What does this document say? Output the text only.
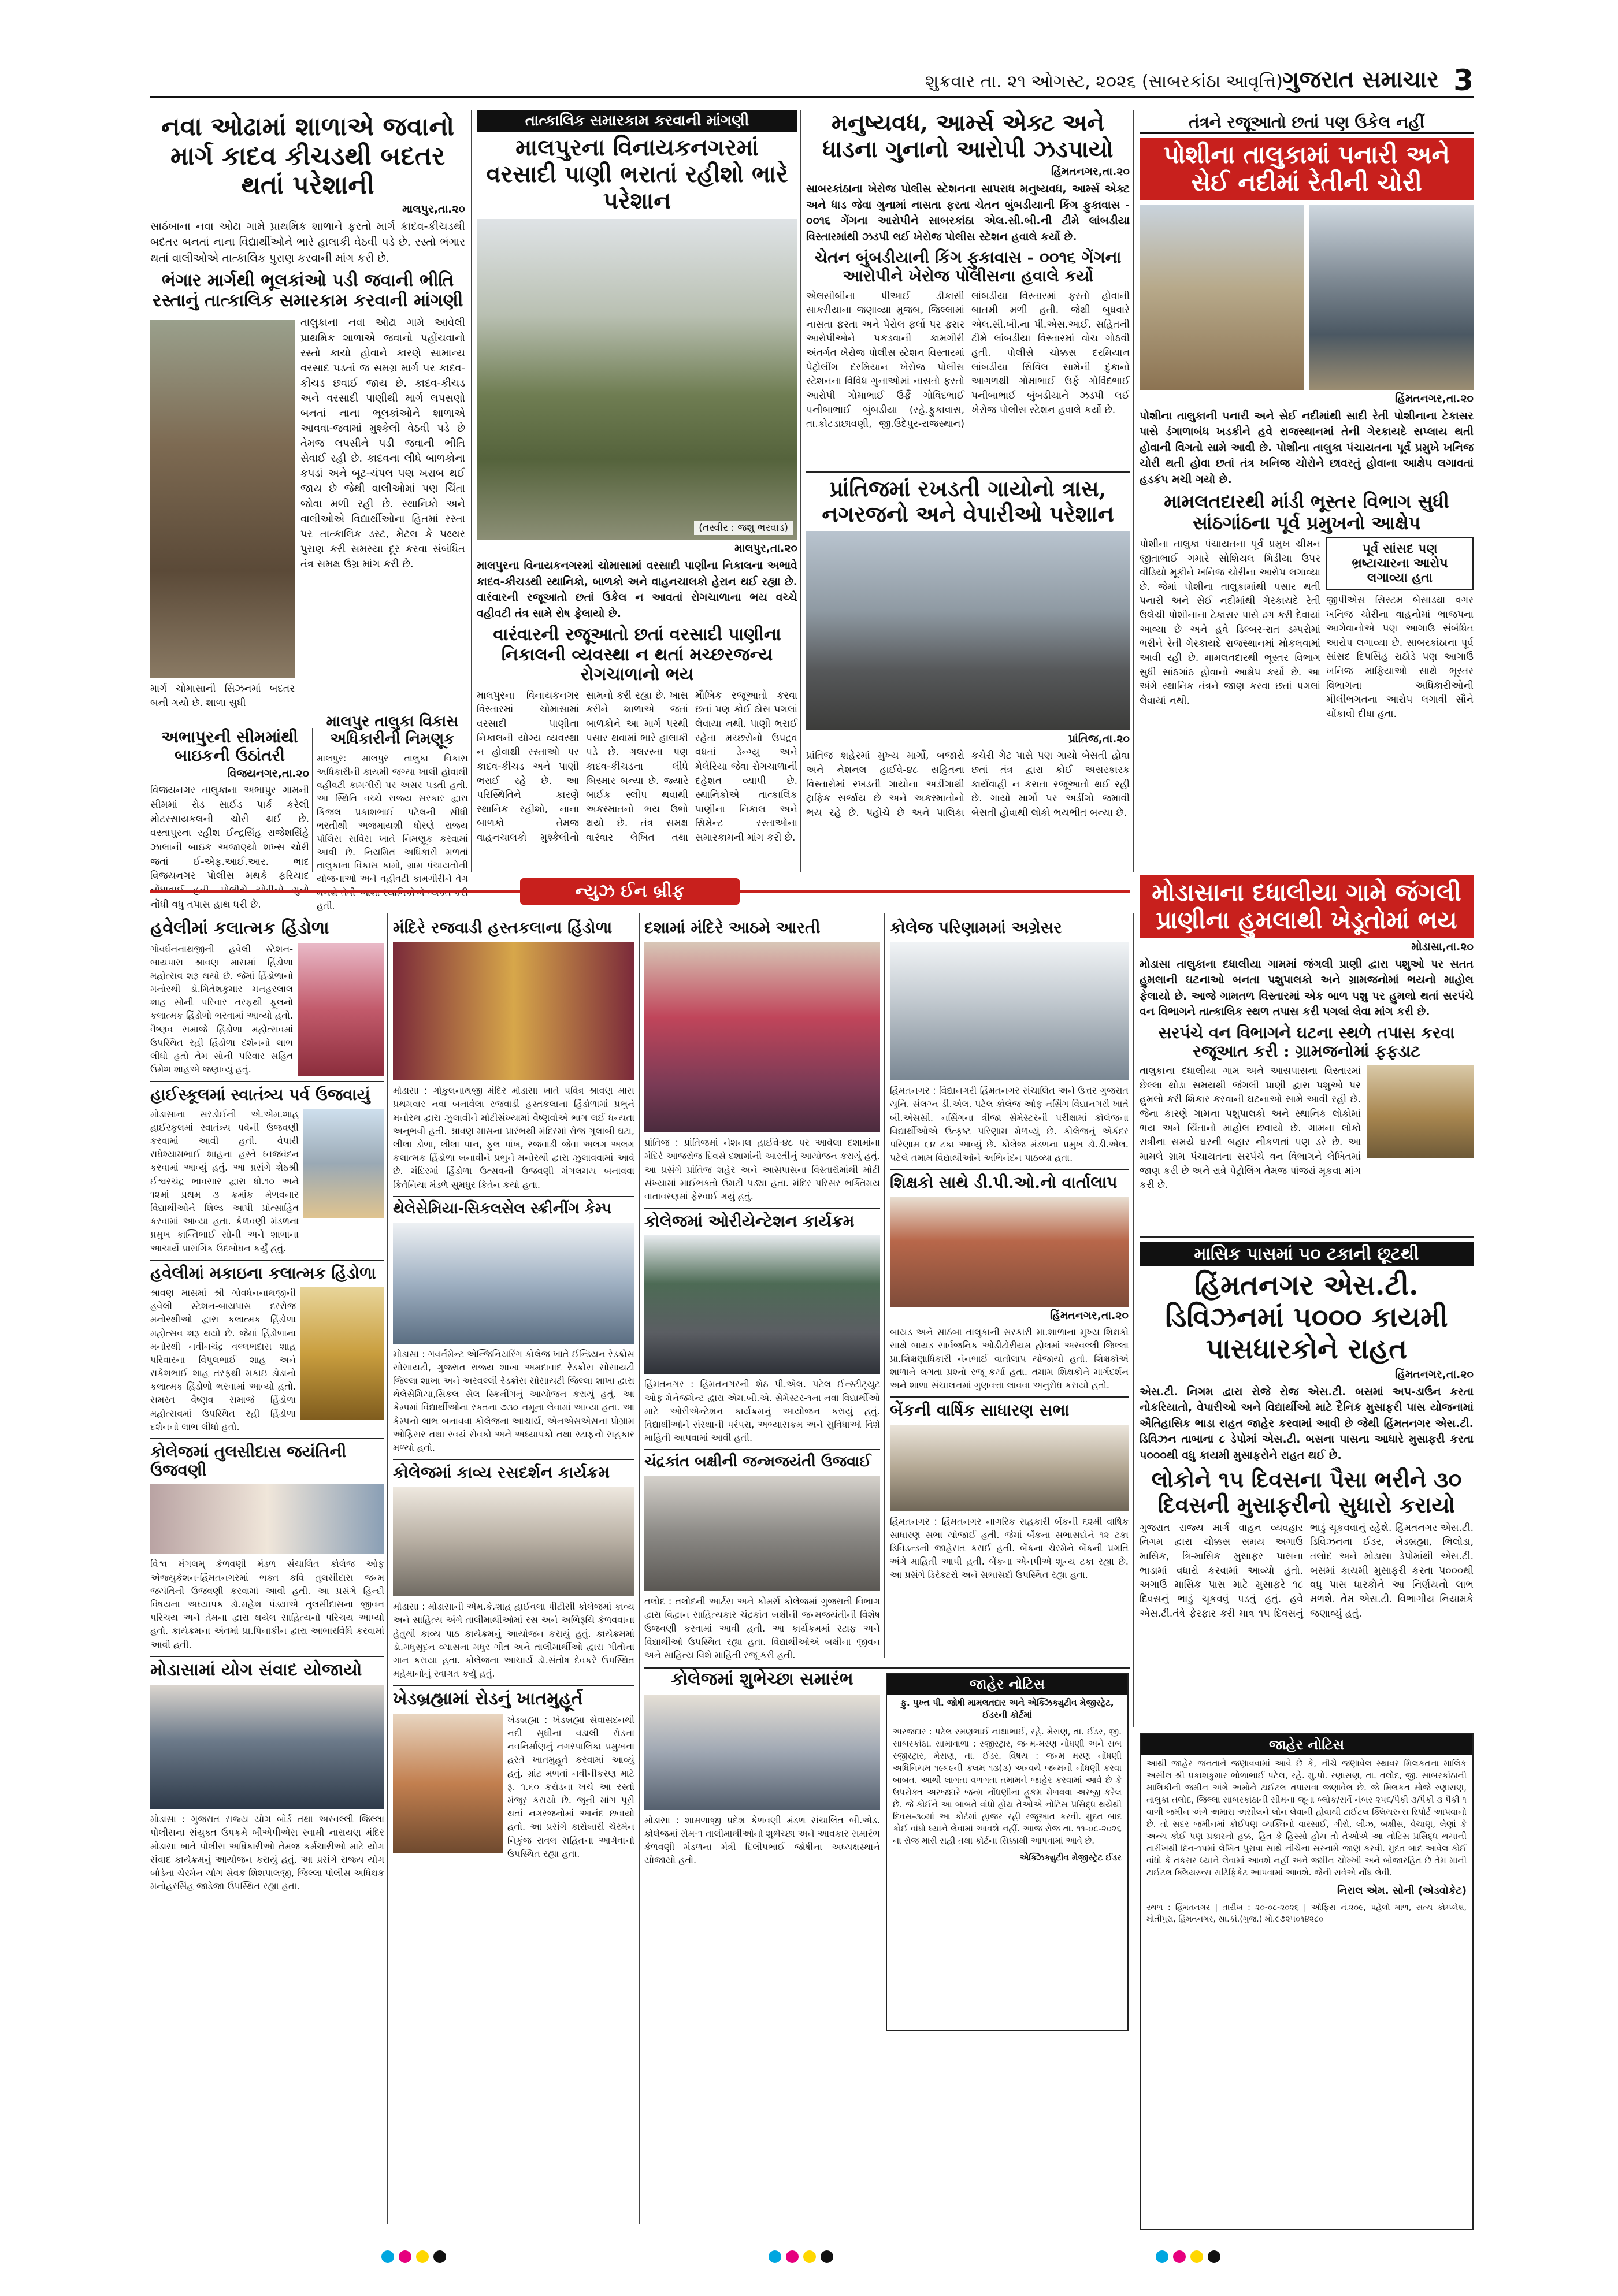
શુક્રવાર તા. ૨૧ ઓગસ્ટ, ૨૦૨૬ (સાબરકાંઠા આવૃત્તિ) ગુજરાત સમાચાર 3
નવા ઓઢામાં શાળાએ જવાનો માર્ગ કાદવ કીચડથી બદતર થતાં પરેશાની
માલપુર,તા.૨૦

સાઠંબાના નવા ઓઢા ગામે પ્રાથમિક શાળાને ફરતો માર્ગ કાદવ-કીચડથી બદતર બનતાં નાના વિદ્યાર્થીઓને ભારે હાલાકી વેઠવી પડે છે. રસ્તો ભંગાર થતાં વાલીઓએ તાત્કાલિક પુરાણ કરવાની માંગ કરી છે.

ભંગાર માર્ગથી ભૂલકાંઓ પડી જવાની ભીતિ રસ્તાનું તાત્કાલિક સમારકામ કરવાની માંગણી

માર્ગ ચોમાસાની સિઝનમાં બદતર બની ગયો છે. શાળા સુધી

તાલુકાના નવા ઓઢા ગામે આવેલી પ્રાથમિક શાળાએ જવાનો પહોંચવાનો રસ્તો કાચો હોવાને કારણે સામાન્ય વરસાદ પડતાં જ સમગ્ર માર્ગ પર કાદવ-કીચડ છવાઈ જાય છે. કાદવ-કીચડ અને વરસાદી પાણીથી માર્ગ લપસણો બનતાં નાના ભૂલકાંઓને શાળાએ આવવા-જવામાં મુશ્કેલી વેઠવી પડે છે તેમજ લપસીને પડી જવાની ભીતિ સેવાઈ રહી છે. કાદવના લીધે બાળકોના કપડાં અને બૂટ-ચંપલ પણ ખરાબ થઈ જાય છે જેથી વાલીઓમાં પણ ચિંતા જોવા મળી રહી છે. સ્થાનિકો અને વાલીઓએ વિદ્યાર્થીઓના હિતમાં રસ્તા પર તાત્કાલિક ડસ્ટ, મેટલ કે પથ્થર પુરાણ કરી સમસ્યા દૂર કરવા સંબંધિત તંત્ર સમક્ષ ઉગ્ર માંગ કરી છે.

અભાપુરની સીમમાંથી બાઇકની ઉઠાંતરી
વિજયનગર,તા.૨૦

વિજયનગર તાલુકાના અભાપુર ગામની સીમમાં રોડ સાઈડ પાર્ક કરેલી મોટરસાયકલની ચોરી થઈ છે. વસ્તાપુરના રહીશ ઈન્દ્રસિંહ રાજેશસિંહે ઝાલાની બાઇક અજાણ્યો શખ્સ ચોરી જતાં ઈ-એફ.આઈ.આર. ભાદ વિજયનગર પોલીસ મથકે ફરિયાદ નોંધી વધુ તપાસ હાથ ધરી છે.

માલપુર તાલુકા વિકાસ અધિકારીની નિમણૂક

માલપુર: માલપુર તાલુકા વિકાસ અધિકારીની કાયમી જગ્યા ખાલી હોવાથી વહીવટી કામગીરી પર અસર પડતી હતી. આ સ્થિતિ વચ્ચે રાજ્ય સરકાર દ્વારા કિંજલ પ્રકાશભાઈ પટેલની સીધી ભરતીથી અજમાયશી ધોરણે રાજ્ય પોલિસ સર્વિસ ખાતે નિમણૂક કરવામાં આવી છે. નિયમિત અધિકારી મળતાં તાલુકાના વિકાસ કામો, ગ્રામ પંચાયતોની યોજનાઓ અને વહીવટી કામગીરીને વેગ હતી.

તાત્કાલિક સમારકામ કરવાની માંગણી
માલપુરના વિનાયકનગરમાં વરસાદી પાણી ભરાતાં રહીશો ભારે પરેશાન
(તસ્વીર : જશુ ભરવાડ)
માલપુર,તા.૨૦

માલપુરના વિનાયકનગરમાં ચોમાસામાં વરસાદી પાણીના નિકાલના અભાવે કાદવ-કીચડથી સ્થાનિકો, બાળકો અને વાહનચાલકો હેરાન થઈ રહ્યા છે. વારંવારની રજૂઆતો છતાં ઉકેલ ન આવતાં રોગચાળાના ભય વચ્ચે વહીવટી તંત્ર સામે રોષ ફેલાયો છે.

વારંવારની રજૂઆતો છતાં વરસાદી પાણીના નિકાલની વ્યવસ્થા ન થતાં મચ્છરજન્ય રોગચાળાનો ભય

માલપુરના વિનાયકનગર વિસ્તારમાં ચોમાસામાં વરસાદી પાણીના નિકાલની યોગ્ય વ્યવસ્થા ન હોવાથી રસ્તાઓ પર કાદવ-કીચડ અને પાણી ભરાઈ રહે છે. આ પરિસ્થિતિને કારણે સ્થાનિક રહીશો, નાના બાળકો તેમજ વાહનચાલકો મુશ્કેલીનો સામનો કરી રહ્યા છે. ખાસ કરીને શાળાએ જતાં બાળકોને આ માર્ગ પરથી પસાર થવામાં ભારે હાલાકી પડે છે. ગલરસ્તા પણ કાદવ-કીચડના લીધે બિસ્માર બન્યા છે. જ્યારે બાઈક સ્લીપ થવાથી અકસ્માતનો ભય ઉભો થયો છે. તંત્ર સમક્ષ વારંવાર લેખિત તથા મૌખિક રજૂઆતો કરવા છતાં પણ કોઈ ઠોસ પગલાં લેવાયા નથી. પાણી ભરાઈ રહેતા મચ્છરોનો ઉપદ્રવ વધતાં ડેન્ગ્યુ અને મેલેરિયા જેવા રોગચાળાની દહેશત વ્યાપી છે. સ્થાનિકોએ તાત્કાલિક પાણીના નિકાલ અને સિમેન્ટ રસ્તાઓના સમારકામની માંગ કરી છે.

મનુષ્યવધ, આર્મ્સ એક્ટ અને ધાડના ગુનાનો આરોપી ઝડપાયો
હિંમતનગર,તા.૨૦

સાબરકાંઠાના ખેરોજ પોલીસ સ્ટેશનના સાપરાધ મનુષ્યવધ, આર્મ્સ એક્ટ અને ધાડ જેવા ગુનામાં નાસતા ફરતા ચેતન બુંબડીયાની કિંગ ફુકાવાસ - ૦૦૧૬ ગેંગના આરોપીને સાબરકાંઠા એલ.સી.બી.ની ટીમે લાંબડીયા વિસ્તારમાંથી ઝડપી લઈ ખેરોજ પોલીસ સ્ટેશન હવાલે કર્યો છે.

ચેતન બુંબડીયાની કિંગ ફુકાવાસ - ૦૦૧૬ ગેંગના આરોપીને ખેરોજ પોલીસના હવાલે કર્યો

એલસીબીના પીઆઈ ડીકાસી સાકરીયાના જણાવ્યા મુજબ, જિલ્લામાં નાસતા ફરતા અને પેરોલ ફર્લો પર ફરાર આરોપીઓને પકડવાની કામગીરી અંતર્ગત ખેરોજ પોલીસ સ્ટેશન વિસ્તારમાં પેટ્રોલીંગ દરમિયાન ખેરોજ પોલીસ સ્ટેશનના વિવિધ ગુનાઓમાં નાસતો ફરતો આરોપી ગોમાભાઈ ઉર્ફે ગોવિંદભાઈ પનીબાભાઈ બુંબડીયા (રહે.ફુકાવાસ, તા.કોટડાછાવણી, જી.ઉદેપુર-રાજસ્થાન) લાંબડીયા વિસ્તારમાં ફરતો હોવાની બાતમી મળી હતી. જેથી બુધવારે એલ.સી.બી.ના પી.એસ.આઈ. સહિતની ટીમે લાંબડીયા વિસ્તારમાં વોચ ગોઠવી હતી. પોલીસે ચોક્કસ દરમિયાન લાંબડીયા સિવિલ સામેની દુકાનો આગળથી ગોમાભાઈ ઉર્ફે ગોવિંદભાઈ પનીબાભાઈ બુંબડીયાને ઝડપી લઈ ખેરોજ પોલીસ સ્ટેશન હવાલે કર્યો છે.

પ્રાંતિજમાં રખડતી ગાયોનો ત્રાસ, નગરજનો અને વેપારીઓ પરેશાન
પ્રાંતિજ,તા.૨૦

પ્રાંતિજ શહેરમાં મુખ્ય માર્ગો, બજારો અને નેશનલ હાઈવે-૪૮ સહિતના વિસ્તારોમાં રખડતી ગાયોના અડીંગાથી ટ્રાફિક સર્જાય છે અને અકસ્માતોનો ભય રહે છે. પહોંચે છે અને પાલિકા કચેરી ગેટ પાસે પણ ગાયો બેસતી હોવા છતાં તંત્ર દ્વારા કોઈ અસરકારક કાર્યવાહી ન કરાતા રજૂઆતો થઈ રહી છે. ગાયો માર્ગો પર અડીંગો જમાવી બેસતી હોવાથી લોકો ભયભીત બન્યા છે.

તંત્રને રજૂઆતો છતાં પણ ઉકેલ નહીં
પોશીના તાલુકામાં પનારી અને સેઈ નદીમાં રેતીની ચોરી
હિંમતનગર,તા.૨૦

પોશીના તાલુકાની પનારી અને સેઈ નદીમાંથી સાદી રેતી પોશીનાના ટેકાસર પાસે ડંગાળાબંધ ખડકીને હવે રાજસ્થાનમાં તેની ગેરકાયદે સપ્લાય થતી હોવાની વિગતો સામે આવી છે. પોશીના તાલુકા પંચાયતના પૂર્વ પ્રમુખે ખનિજ ચોરી થતી હોવા છતાં તંત્ર ખનિજ ચોરોને છાવરતું હોવાના આક્ષેપ લગાવતાં હડકંપ મચી ગયો છે.

મામલતદારથી માંડી ભૂસ્તર વિભાગ સુધી સાંઠગાંઠના પૂર્વ પ્રમુખનો આક્ષેપ

પોશીના તાલુકા પંચાયતના પૂર્વ પ્રમુખ ચીમન જીતાભાઈ ગમારે સોશિયલ મિડીયા ઉપર વીડિયો મૂકીને ખનિજ ચોરીના આરોપ લગાવ્યા છે. જેમાં પોશીના તાલુકામાંથી પસાર થતી પનારી અને સેઈ નદીમાંથી ગેરકાયદે રેતી ઉલેચી પોશીનાના ટેકાસર પાસે ઢગ કરી દેવાયાં આવ્યા છે અને હવે ડિલ્બર-રાત ડમ્પરોમાં ભરીને રેતી ગેરકાયદે રાજસ્થાનમાં મોકલવામાં આવી રહી છે. મામલતદારથી ભૂસ્તર વિભાગ સુધી સાંઠગાંઠ હોવાનો આક્ષેપ કર્યો છે. આ અંગે સ્થાનિક તંત્રને જાણ કરવા છતાં પગલાં લેવાયાં નથી.

પૂર્વ સાંસદ પણ ભ્રષ્ટાચારના આરોપ લગાવ્યા હતા

જીપીએસ સિસ્ટમ બેસાડ્યા વગર ખનિજ ચોરીના વાહનોમાં ભાજપના આગેવાનોએ પણ આગાઉ સંબંધિત આરોપ લગાવ્યા છે. સાબરકાંઠાના પૂર્વ સાંસદ દિપસિંહ રાઠોડે પણ આગાઉ ખનિજ માફિયાઓ સાથે ભૂસ્તર વિભાગના અધિકારીઓની મીલીભગતના આરોપ લગાવી સૌને ચોંકાવી દીધા હતા.

ન્યુઝ ઈન બ્રીફ	મોડાસાના દધાલીયા ગામે જંગલી પ્રાણીના હુમલાથી ખેડૂતોમાં ભય
મોડાસા,તા.૨૦

મોડાસા તાલુકાના દધાલીયા ગામમાં જંગલી પ્રાણી દ્વારા પશુઓ પર સતત હુમલાની ઘટનાઓ બનતા પશુપાલકો અને ગ્રામજનોમાં ભયનો માહોલ ફેલાયો છે. આજે ગામતળ વિસ્તારમાં એક બાળ પશુ પર હુમલો થતાં સરપંચે વન વિભાગને તાત્કાલિક સ્થળ તપાસ કરી પગલાં લેવા માંગ કરી છે.

સરપંચે વન વિભાગને ઘટના સ્થળે તપાસ કરવા રજૂઆત કરી : ગ્રામજનોમાં ફફડાટ

તાલુકાના દધાલીયા ગામ અને આસપાસના વિસ્તારમાં છેલ્લા થોડા સમયથી જંગલી પ્રાણી દ્વારા પશુઓ પર હુમલો કરી શિકાર કરવાની ઘટનાઓ સામે આવી રહી છે. જેના કારણે ગામના પશુપાલકો અને સ્થાનિક લોકોમાં ભય અને ચિંતાનો માહોલ છવાયો છે. ગામના લોકો રાત્રીના સમયે ઘરની બહાર નીકળતાં પણ ડરે છે. આ મામલે ગ્રામ પંચાયતના સરપંચે વન વિભાગને લેખિતમાં જાણ કરી છે અને રાત્રે પેટ્રોલિંગ તેમજ પાંજરાં મૂકવા માંગ કરી છે.

માસિક પાસમાં ૫૦ ટકાની છૂટથી
હિંમતનગર એસ.ટી. ડિવિઝનમાં ૫૦૦૦ કાયમી પાસધારકોને રાહત
હિંમતનગર,તા.૨૦

એસ.ટી. નિગમ દ્વારા રોજે રોજ એસ.ટી. બસમાં અપ-ડાઉન કરતા નોકરિયાતો, વેપારીઓ અને વિદ્યાર્થીઓ માટે દૈનિક મુસાફરી પાસ યોજનામાં ઐતિહાસિક ભાડા રાહત જાહેર કરવામાં આવી છે જેથી હિંમતનગર એસ.ટી. ડિવિઝન તાબાના ૮ ડેપોમાં એસ.ટી. બસના પાસના આધારે મુસાફરી કરતા ૫૦૦૦થી વધુ કાયમી મુસાફરોને રાહત થઈ છે.

લોકોને ૧૫ દિવસના પૈસા ભરીને ૩૦ દિવસની મુસાફરીનો સુધારો કરાયો

ગુજરાત રાજ્ય માર્ગ વાહન વ્યવહાર નિગમ દ્વારા ચોક્કસ સમય અગાઉ માસિક, ત્રિ-માસિક મુસાફર પાસના ભાડામાં વધારો કરવામાં આવ્યો હતો. અગાઉ માસિક પાસ માટે મુસાફરે ૧૮ દિવસનું ભાડું ચૂકવવું પડતું હતું. હવે એસ.ટી.તંત્રે ફેરફાર કરી માત્ર ૧૫ દિવસનું ભાડું ચૂકવવાનું રહેશે. હિંમતનગર એસ.ટી. ડિવિઝનના ઈડર, ખેડબ્રહ્મા, ભિલોડા, તલોદ અને મોડાસા ડેપોમાંથી એસ.ટી. બસમાં કાયમી મુસાફરી કરતા ૫૦૦૦થી વધુ પાસ ધારકોને આ નિર્ણયનો લાભ મળશે. તેમ એસ.ટી. વિભાગીય નિયામકે જણાવ્યું હતું.

હવેલીમાં કલાત્મક હિંડોળા

ગોવર્ધનનાથજીની હવેલી સ્ટેશન-બાયપાસ શ્રાવણ માસમાં હિંડોળા મહોત્સવ શરૂ થયો છે. જેમાં હિંડોળાનો મનોરથી ડો.મિતેશકુમાર મનહરલાલ શાહ સોની પરિવાર તરફથી ફૂલનો કલાત્મક હિંડોળો ભરવામાં આવ્યો હતો. વૈષ્ણવ સમાજે હિંડોળા મહોત્સવમાં ઉપસ્થિત રહી હિંડોળા દર્શનનો લાભ લીધો હતો તેમ સોની પરિવાર સહિત ઉમેશ શાહએ જણાવ્યું હતું.

હાઈસ્કૂલમાં સ્વાતંત્ર્ય પર્વ ઉજવાયું

મોડાસાના સરડોઈની એ.એમ.શાહ હાઈસ્કૂલમાં સ્વાતંત્ર્ય પર્વની ઉજવણી કરવામાં આવી હતી. વેપારી રાધેશ્યામભાઈ શાહના હસ્તે ધ્વજવંદન કરવામાં આવ્યું હતું. આ પ્રસંગે શેઠશ્રી ઈશ્વરચંદ્ર ભાવસાર દ્વારા ધો.૧૦ અને ૧૨માં પ્રથમ ૩ ક્રમાંક મેળવનાર વિદ્યાર્થીઓને શિલ્ડ આપી પ્રોત્સાહિત કરવામાં આવ્યા હતા. કેળવણી મંડળના પ્રમુખ કાન્તિભાઈ સોની અને શાળાના આચાર્યે પ્રાસંગિક ઉદબોધન કર્યું હતું.

હવેલીમાં મકાઇના કલાત્મક હિંડોળા

શ્રાવણ માસમાં શ્રી ગોવર્ધનનાથજીની હવેલી સ્ટેશન-બાયપાસ દરરોજ મનોરથીઓ દ્વારા કલાત્મક હિંડોળા મહોત્સવ શરૂ થયો છે. જેમાં હિંડોળાના મનોરથી નવીનચંદ્ર વલ્લભદાસ શાહ પરિવારના વિપુલભાઈ શાહ અને રાકેશભાઈ શાહ તરફથી મકાઇ ડોડાનો કલાત્મક હિંડોળો ભરવામાં આવ્યો હતો. સમસ્ત વૈષ્ણવ સમાજે હિંડોળા મહોત્સવમાં ઉપસ્થિત રહી હિંડોળા દર્શનનો લાભ લીધો હતો.

કોલેજમાં તુલસીદાસ જયંતિની ઉજવણી

વિશ્વ મંગલમ્ કેળવણી મંડળ સંચાલિત કોલેજ ઓફ એજ્યુકેશન-હિંમતનગરમાં ભક્ત કવિ તુલસીદાસ જન્મ જયંતિની ઉજવણી કરવામાં આવી હતી. આ પ્રસંગે હિન્દી વિષયના અધ્યાપક ડૉ.મહેશ પંડ્યાએ તુલસીદાસના જીવન પરિચય અને તેમના દ્વારા થયેલ સાહિત્યનો પરિચય આપ્યો હતો. કાર્યક્રમના અંતમાં પ્રા.પિનાકીન દ્વારા આભારવિધિ કરવામાં આવી હતી.

મોડાસામાં યોગ સંવાદ યોજાયો

મોડાસા : ગુજરાત રાજ્ય યોગ બોર્ડ તથા અરવલ્લી જિલ્લા પોલીસના સંયુક્ત ઉપક્રમે બીએપીએસ સ્વામી નારાયણ મંદિર મોડાસા ખાતે પોલીસ અધિકારીઓ તેમજ કર્મચારીઓ માટે યોગ સંવાદ કાર્યક્રમનું આયોજન કરાયું હતું. આ પ્રસંગે રાજ્ય યોગ બોર્ડના ચેરમેન યોગ સેવક શિશપાલજી, જિલ્લા પોલીસ અધિક્ષક મનોહરસિંહ જાડેજા ઉપસ્થિત રહ્યા હતા.

મંદિરે રજવાડી હસ્તકલાના હિંડોળા

મોડાસા : ગોકુલનાથજી મંદિર મોડાસા ખાતે પવિત્ર શ્રાવણ માસ પ્રથમવાર નવા બનાવેલા રજવાડી હસ્તકલાના હિંડોળામાં પ્રભુને મનોરથ દ્વારા ઝુલાવીને મોટીસંખ્યામાં વૈષ્ણવોએ ભાગ લઈ ધન્યતા અનુભવી હતી. શ્રાવણ માસના પ્રારંભથી મંદિરમાં રોજ ગુલાબી ઘટા, લીલા ડોળા, લીલા પાન, ફુલ પાંખ, રજવાડી જેવા અલગ અલગ કલાત્મક હિંડોળા બનાવીને પ્રભુને મનોરથી દ્વારા ઝુલાવવામાં આવે છે. મંદિરમાં હિંડોળા ઉત્સવની ઉજવણી મંગલમય બનાવવા કિર્તનિયા મંડળે સુમધુર કિર્તન કર્યા હતા.

થેલેસેમિયા-સિકલસેલ સ્ક્રીનીંગ કેમ્પ

મોડાસા : ગવર્નમેન્ટ એન્જિનિયરિંગ કોલેજ ખાતે ઈન્ડિયન રેડક્રોસ સોસાયટી, ગુજરાત રાજ્ય શાખા અમદાવાદ રેડક્રોસ સોસાયટી જિલ્લા શાખા અને અરવલ્લી રેડક્રોસ સોસાયટી જિલ્લા શાખા દ્વારા થેલેસેમિયા,સિકલ સેલ સ્ક્રિનીંગનું આયોજન કરાયું હતું. આ કેમ્પમાં વિદ્યાર્થીઓના રક્તના ૭૩૦ નમૂના લેવામાં આવ્યા હતા. આ કેમ્પનો લાભ બનાવવા કોલેજના આચાર્ય, એનએસએસના પ્રોગ્રામ ઓફિસર તથા સ્વયં સેવકો અને અધ્યાપકો તથા સ્ટાફનો સહકાર મળ્યો હતો.

કોલેજમાં કાવ્ય રસદર્શન કાર્યક્રમ

મોડાસા : મોડાસાની એમ.કે.શાહ હાઈવલા પીટીસી કોલેજમાં કાવ્ય અને સાહિત્ય અંગે તાલીમાર્થીઓમાં રસ અને અભિરૂચિ કેળવવાના હેતુથી કાવ્ય પાઠ કાર્યક્રમનું આયોજન કરાયું હતું. કાર્યક્રમમાં ડૉ.મધુસૂદન વ્યાસના મધુર ગીત અને તાલીમાર્થીઓ દ્વારા ગીતોના ગાન કરાયા હતા. કોલેજના આચાર્ય ડૉ.સંતોષ દેવકરે ઉપસ્થિત મહેમાનોનું સ્વાગત કર્યું હતું.

ખેડબ્રહ્મામાં રોડનું ખાતમુહૂર્ત

ખેડબ્રહ્મા : ખેડબ્રહ્મા સેવાસદનથી નદી સુધીના વડાલી રોડના નવનિર્માણનું નગરપાલિકા પ્રમુખના હસ્તે ખાતમુહૂર્ત કરવામાં આવ્યું હતું. ગ્રાંટ મળતાં નવીનીકરણ માટે રૂ. ૧.૬૦ કરોડના ખર્ચે આ રસ્તો મંજૂર કરાયો છે. જૂની માંગ પૂરી થતાં નગરજનોમાં આનંદ છવાયો હતો. આ પ્રસંગે કારોબારી ચેરમેન નિકુંજ રાવલ સહિતના આગેવાનો ઉપસ્થિત રહ્યા હતા.

દશામાં મંદિરે આઠમે આરતી

પ્રાંતિજ : પ્રાંતિજમાં નેશનલ હાઈવે-૪૮ પર આવેલા દશામાંના મંદિરે આજરોજ દિવસે દશામાંની આરતીનું આયોજન કરાયું હતું. આ પ્રસંગે પ્રાંતિજ શહેર અને આસપાસના વિસ્તારોમાંથી મોટી સંખ્યામાં માઈભક્તો ઉમટી પડ્યા હતા. મંદિર પરિસર ભક્તિમય વાતાવરણમાં ફેરવાઈ ગયું હતું.

કોલેજમાં ઓરીયેન્ટેશન કાર્યક્રમ

હિંમતનગર : હિંમતનગરની શેઠ પી.એલ. પટેલ ઈન્સ્ટીટ્યુટ ઓફ મેનેજમેન્ટ દ્વારા એમ.બી.એ. સેમેસ્ટર-૧ના નવા વિદ્યાર્થીઓ માટે ઓરીએન્ટેશન કાર્યક્રમનું આયોજન કરાયું હતું. વિદ્યાર્થીઓને સંસ્થાની પરંપરા, અભ્યાસક્રમ અને સુવિધાઓ વિશે માહિતી આપવામાં આવી હતી.

ચંદ્રકાંત બક્ષીની જન્મજયંતી ઉજવાઈ

તલોદ : તલોદની આર્ટસ અને કોમર્સ કોલેજમાં ગુજરાતી વિભાગ દ્વારા વિદ્વાન સાહિત્યકાર ચંદ્રકાંત બક્ષીની જન્મજયંતીની વિશેષ ઉજવણી કરવામાં આવી હતી. આ કાર્યક્રમમાં સ્ટાફ અને વિદ્યાર્થીઓ ઉપસ્થિત રહ્યા હતા. વિદ્યાર્થીઓએ બક્ષીના જીવન અને સાહિત્ય વિશે માહિતી રજૂ કરી હતી.

કોલેજ પરિણામમાં અગ્રેસર

હિંમતનગર : વિદ્યાનગરી હિંમતનગર સંચાલિત અને ઉત્તર ગુજરાત યુનિ. સંલગ્ન ડી.એલ. પટેલ કોલેજ ઓફ નર્સિંગ વિદ્યાનગરી ખાતે બી.એસસી. નર્સિંગના ત્રીજા સેમેસ્ટરની પરીક્ષામાં કોલેજના વિદ્યાર્થીઓએ ઉત્કૃષ્ટ પરિણામ મેળવ્યું છે. કોલેજનું એકંદર પરિણામ ૯૪ ટકા આવ્યું છે. કોલેજ મંડળના પ્રમુખ ડૉ.ડી.એલ. પટેલે તમામ વિદ્યાર્થીઓને અભિનંદન પાઠવ્યા હતા.

શિક્ષકો સાથે ડી.પી.ઓ.નો વાર્તાલાપ
હિંમતનગર,તા.૨૦

બાયડ અને સાઠંબા તાલુકાની સરકારી મા.શાળાના મુખ્ય શિક્ષકો સાથે બાયડ સાર્વજનિક ઓડીટોરીયમ હોલમાં અરવલ્લી જિલ્લા પ્રા.શિક્ષણાધિકારી નેનભાઈ વાર્તાલાપ યોજાયો હતો. શિક્ષકોએ શાળાને લગતા પ્રશ્નો રજૂ કર્યા હતા. તમામ શિક્ષકોને માર્ગદર્શન અને શાળા સંચાલનમાં ગુણવત્તા લાવવા અનુરોધ કરાયો હતો.

બેંકની વાર્ષિક સાધારણ સભા

હિંમતનગર : હિંમતનગર નાગરિક સહકારી બેંકની ૬૨મી વાર્ષિક સાધારણ સભા યોજાઈ હતી. જેમાં બેંકના સભાસદોને ૧૨ ટકા ડિવિડન્ડની જાહેરાત કરાઈ હતી. બેંકના ચેરમેને બેંકની પ્રગતિ અંગે માહિતી આપી હતી. બેંકના એનપીએ શૂન્ય ટકા રહ્યા છે. આ પ્રસંગે ડિરેક્ટરો અને સભાસદો ઉપસ્થિત રહ્યા હતા.

કોલેજમાં શુભેચ્છા સમારંભ

મોડાસા : શામળાજી પ્રદેશ કેળવણી મંડળ સંચાલિત બી.એડ. કોલેજમાં સેમ-૧ તાલીમાર્થીઓનો શુભેચ્છા અને આવકાર સમારંભ કેળવણી મંડળના મંત્રી દિલીપભાઈ જોષીના અધ્યક્ષસ્થાને યોજાયો હતો.

જાહેર નોટિસ

ફુ. પુખ્ત પી. જોષી મામલતદાર અને એક્ઝિક્યુટીવ મેજીસ્ટ્રેટ, ઈડરની કોર્ટમાં

અરજદાર : પટેલ રમણભાઈ નાથાભાઈ, રહે. મેસણ, તા. ઈડર, જી. સાબરકાંઠા. સામાવાળા : રજીસ્ટ્રાર, જન્મ-મરણ નોંધણી અને સબ રજીસ્ટ્રાર, મેસણ, તા. ઈડર. વિષય : જન્મ મરણ નોંધણી અધિનિયમ ૧૯૬૯ની કલમ ૧૩(૩) અન્વયે જન્મની નોંધણી કરવા બાબત. આથી લાગતા વળગતા તમામને જાહેર કરવામાં આવે છે કે ઉપરોક્ત અરજદારે જન્મ નોંધણીના હુકમ મેળવવા અરજી કરેલ છે. જે કોઈને આ બાબતે વાંધો હોય તેઓએ નોટિસ પ્રસિદ્ધ થયેથી દિવસ-૩૦માં આ કોર્ટમાં હાજર રહી રજૂઆત કરવી. મુદત બાદ કોઈ વાંધો ધ્યાને લેવામાં આવશે નહીં. આજ રોજ તા. ૧૧-૦૮-૨૦૨૬ ના રોજ મારી સહી તથા કોર્ટના સિક્કાથી આપવામાં આવે છે.

એક્ઝિક્યુટીવ મેજીસ્ટ્રેટ ઈડર

જાહેર નોટિસ

આથી જાહેર જનતાને જણાવવામાં આવે છે કે, નીચે જણાવેલ સ્થાવર મિલકતના માલિક અસીલ શ્રી પ્રકાશકુમાર ભોળાભાઈ પટેલ, રહે. મુ.પો. રણાસણ, તા. તલોદ, જી. સાબરકાંઠાની માલિકીની જમીન અંગે અમોને ટાઈટલ તપાસવા જણાવેલ છે. જે મિલકત મોજે રણાસણ, તાલુકા તલોદ, જિલ્લા સાબરકાંઠાની સીમના જૂના બ્લોક/સર્વે નંબર ૨૫૬/પૈકી ૩/પૈકી ૩ પૈકી ૧ વાળી જમીન અંગે અમારા અસીલને લોન લેવાની હોવાથી ટાઈટલ ક્લિયરન્સ રિપોર્ટ આપવાનો છે. તો સદર જમીનમાં કોઈપણ વ્યક્તિનો વારસાઈ, ગીરો, લીઝ, બક્ષીસ, વેચાણ, લેણાં કે અન્ય કોઈ પણ પ્રકારનો હક્ક, હિત કે હિસ્સો હોય તો તેઓએ આ નોટિસ પ્રસિદ્ધ થયાની તારીખથી દિન-૧૫માં લેખિત પુરાવા સાથે નીચેના સરનામે જાણ કરવી. મુદત બાદ આવેલ કોઈ વાંધો કે તકરાર ધ્યાને લેવામાં આવશે નહીં અને જમીન ચોખ્ખી અને બોજારહિત છે તેમ માની ટાઈટલ ક્લિયરન્સ સર્ટિફિકેટ આપવામાં આવશે. જેની સર્વેએ નોંધ લેવી.

નિરાલ એમ. સોની (એડવોકેટ)

સ્થળ : હિંમતનગર | તારીખ : ૨૦-૦૮-૨૦૨૬ | ઓફિસ નં.૨૦૯, પહેલો માળ, સત્ય કોમ્પ્લેક્ષ, મોતીપુરા, હિંમતનગર, સા.કાં.(ગુજ.) મો.૯૭૨૫૦૧૪૨૮૦
